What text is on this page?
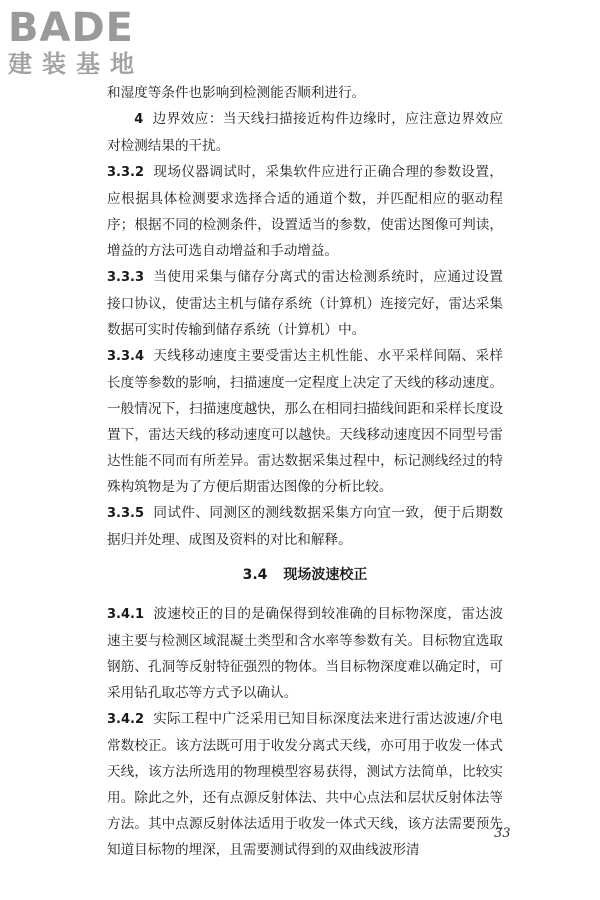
BADE
建装基地

和湿度等条件也影响到检测能否顺利进行。

4 边界效应：当天线扫描接近构件边缘时，应注意边界效应对检测结果的干扰。

3.3.2 现场仪器调试时，采集软件应进行正确合理的参数设置，应根据具体检测要求选择合适的通道个数，并匹配相应的驱动程序；根据不同的检测条件，设置适当的参数，使雷达图像可判读，增益的方法可选自动增益和手动增益。

3.3.3 当使用采集与储存分离式的雷达检测系统时，应通过设置接口协议，使雷达主机与储存系统（计算机）连接完好，雷达采集数据可实时传输到储存系统（计算机）中。

3.3.4 天线移动速度主要受雷达主机性能、水平采样间隔、采样长度等参数的影响，扫描速度一定程度上决定了天线的移动速度。一般情况下，扫描速度越快，那么在相同扫描线间距和采样长度设置下，雷达天线的移动速度可以越快。天线移动速度因不同型号雷达性能不同而有所差异。雷达数据采集过程中，标记测线经过的特殊构筑物是为了方便后期雷达图像的分析比较。

3.3.5 同试件、同测区的测线数据采集方向宜一致，便于后期数据归并处理、成图及资料的对比和解释。

3.4 现场波速校正

3.4.1 波速校正的目的是确保得到较准确的目标物深度，雷达波速主要与检测区域混凝土类型和含水率等参数有关。目标物宜选取钢筋、孔洞等反射特征强烈的物体。当目标物深度难以确定时，可采用钻孔取芯等方式予以确认。

3.4.2 实际工程中广泛采用已知目标深度法来进行雷达波速/介电常数校正。该方法既可用于收发分离式天线，亦可用于收发一体式天线，该方法所选用的物理模型容易获得，测试方法简单，比较实用。除此之外，还有点源反射体法、共中心点法和层状反射体法等方法。其中点源反射体法适用于收发一体式天线，该方法需要预先知道目标物的埋深，且需要测试得到的双曲线波形清

33
